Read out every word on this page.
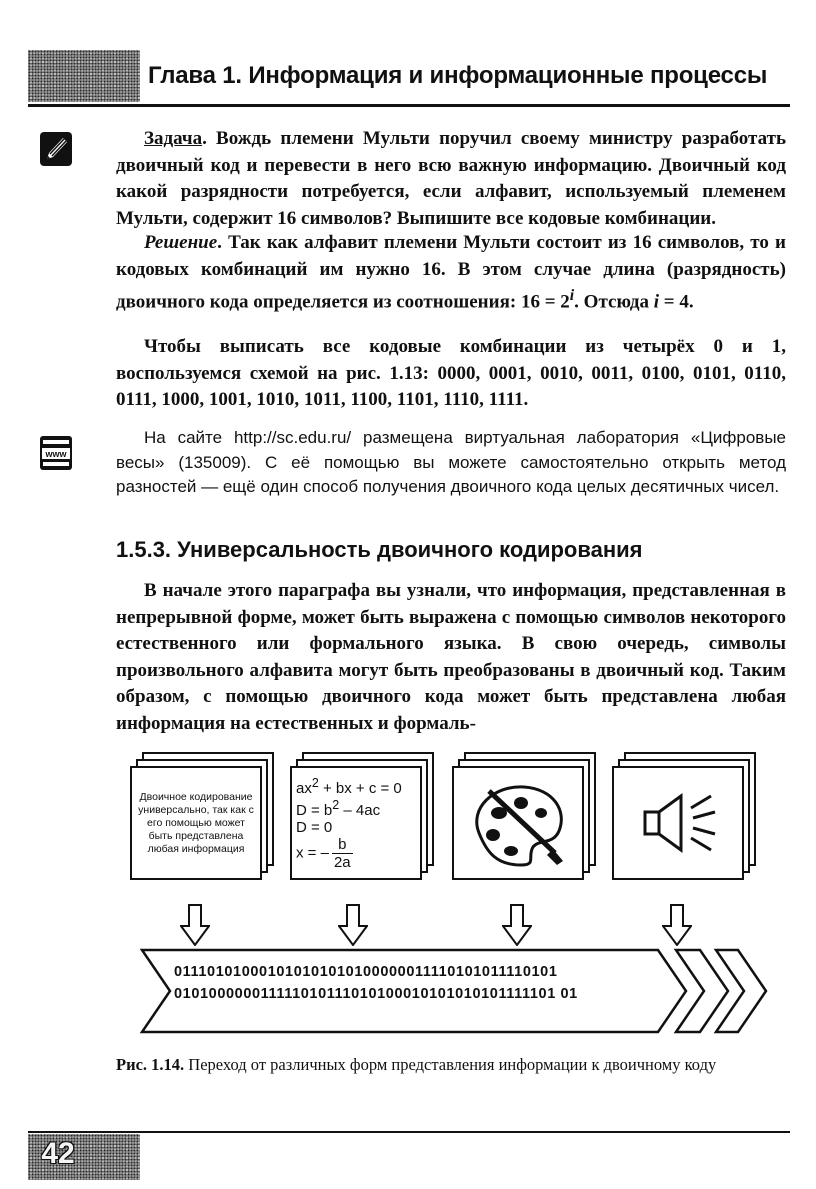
Глава 1. Информация и информационные процессы

Задача. Вождь племени Мульти поручил своему министру разработать двоичный код и перевести в него всю важную информацию. Двоичный код какой разрядности потребуется, если алфавит, используемый племенем Мульти, содержит 16 символов? Выпишите все кодовые комбинации.

Решение. Так как алфавит племени Мульти состоит из 16 символов, то и кодовых комбинаций им нужно 16. В этом случае длина (разрядность) двоичного кода определяется из соотношения: $16 = 2^i$. Отсюда i = 4.

Чтобы выписать все кодовые комбинации из четырёх 0 и 1, воспользуемся схемой на рис. 1.13: 0000, 0001, 0010, 0011, 0100, 0101, 0110, 0111, 1000, 1001, 1010, 1011, 1100, 1101, 1110, 1111.

www

На сайте http://sc.edu.ru/ размещена виртуальная лаборатория «Цифровые весы» (135009). С её помощью вы можете самостоятельно открыть метод разностей — ещё один способ получения двоичного кода целых десятичных чисел.

1.5.3. Универсальность двоичного кодирования

В начале этого параграфа вы узнали, что информация, представленная в непрерывной форме, может быть выражена с помощью символов некоторого естественного или формального языка. В свою очередь, символы произвольного алфавита могут быть преобразованы в двоичный код. Таким образом, с помощью двоичного кода может быть представлена любая информация на естественных и формаль-

Двоичное кодирование универсально, так как с его помощью может быть представлена любая информация
$ax^2$ + bx + c = 0
$D = b^2 - 4ac$
D = 0
x = – $\frac{b}{2a}$
011101010001010101010100000011110101011110101
010100000011111010111010100010101010101111101 01

Рис. 1.14. Переход от различных форм представления информации к двоичному коду

42
